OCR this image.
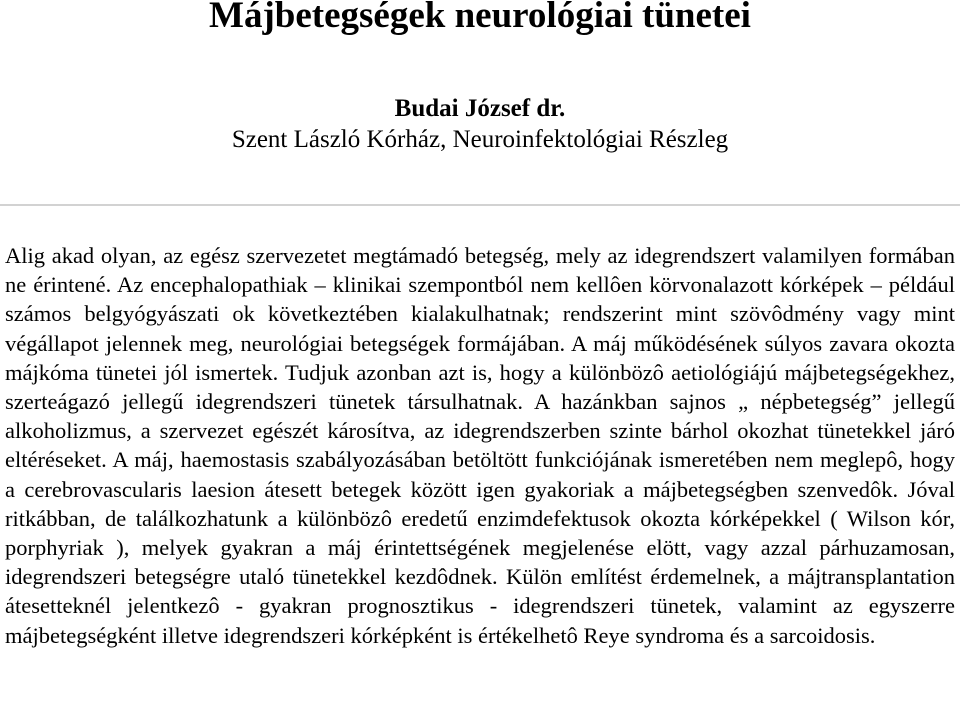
Májbetegségek neurológiai tünetei

Budai József dr.

Szent László Kórház, Neuroinfektológiai Részleg

Alig akad olyan, az egész szervezetet megtámadó betegség, mely az idegrendszert valamilyen formában ne érintené. Az encephalopathiak – klinikai szempontból nem kellôen körvonalazott kórképek – például számos belgyógyászati ok következtében kialakulhatnak; rendszerint mint szövôdmény vagy mint végállapot jelennek meg, neurológiai betegségek formájában. A máj működésének súlyos zavara okozta májkóma tünetei jól ismertek. Tudjuk azonban azt is, hogy a különbözô aetiológiájú májbetegségekhez, szerteágazó jellegű idegrendszeri tünetek társulhatnak. A hazánkban sajnos „ népbetegség” jellegű alkoholizmus, a szervezet egészét károsítva, az idegrendszerben szinte bárhol okozhat tünetekkel járó eltéréseket. A máj, haemostasis szabályozásában betöltött funkciójának ismeretében nem meglepô, hogy a cerebrovascularis laesion átesett betegek között igen gyakoriak a májbetegségben szenvedôk. Jóval ritkábban, de találkozhatunk a különbözô eredetű enzimdefektusok okozta kórképekkel ( Wilson kór, porphyriak ), melyek gyakran a máj érintettségének megjelenése elött, vagy azzal párhuzamosan, idegrendszeri betegségre utaló tünetekkel kezdôdnek. Külön említést érdemelnek, a májtransplantation átesetteknél jelentkezô - gyakran prognosztikus - idegrendszeri tünetek, valamint az egyszerre májbetegségként illetve idegrendszeri kórképként is értékelhetô Reye syndroma és a sarcoidosis.
